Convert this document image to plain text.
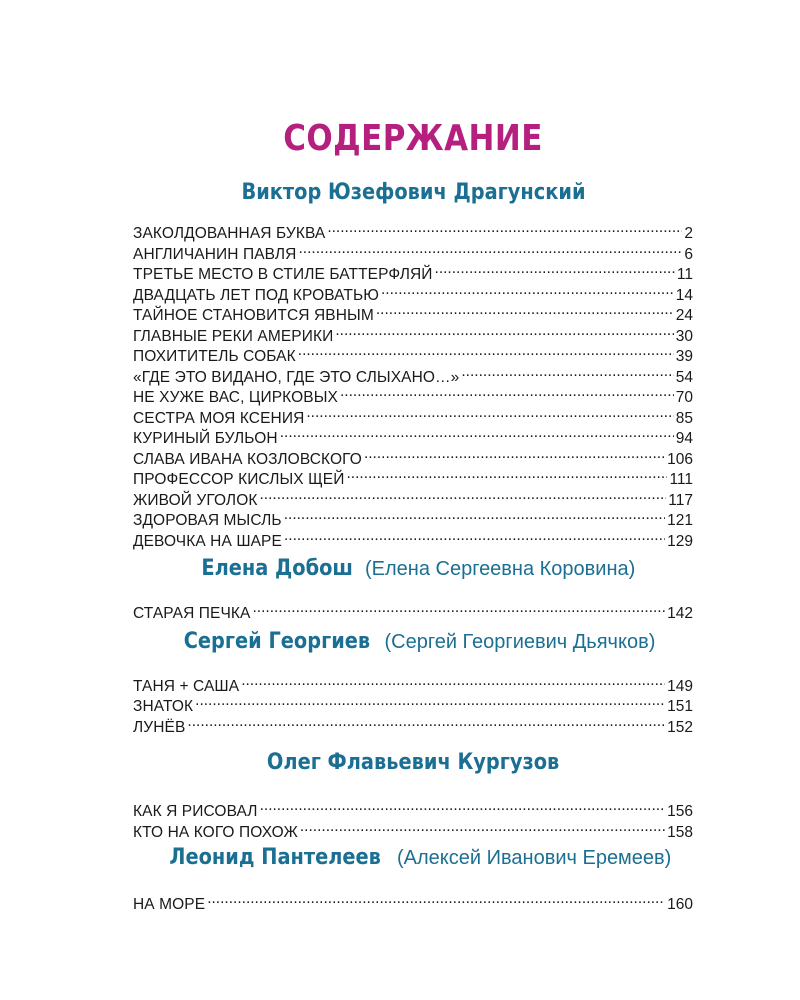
СОДЕРЖАНИЕ
Виктор Юзефович Драгунский
ЗАКОЛДОВАННАЯ БУКВА .....	2
АНГЛИЧАНИН ПАВЛЯ .....	6
ТРЕТЬЕ МЕСТО В СТИЛЕ БАТТЕРФЛЯЙ .....	11
ДВАДЦАТЬ ЛЕТ ПОД КРОВАТЬЮ .....	14
ТАЙНОЕ СТАНОВИТСЯ ЯВНЫМ .....	24
ГЛАВНЫЕ РЕКИ АМЕРИКИ .....	30
ПОХИТИТЕЛЬ СОБАК .....	39
«ГДЕ ЭТО ВИДАНО, ГДЕ ЭТО СЛЫХАНО…» .....	54
НЕ ХУЖЕ ВАС, ЦИРКОВЫХ .....	70
СЕСТРА МОЯ КСЕНИЯ .....	85
КУРИНЫЙ БУЛЬОН .....	94
СЛАВА ИВАНА КОЗЛОВСКОГО .....	106
ПРОФЕССОР КИСЛЫХ ЩЕЙ .....	111
ЖИВОЙ УГОЛОК .....	117
ЗДОРОВАЯ МЫСЛЬ .....	121
ДЕВОЧКА НА ШАРЕ .....	129
Елена Добош (Елена Сергеевна Коровина)
СТАРАЯ ПЕЧКА .....	142
Сергей Георгиев (Сергей Георгиевич Дьячков)
ТАНЯ + САША .....	149
ЗНАТОК .....	151
ЛУНЁВ .....	152
Олег Флавьевич Кургузов
КАК Я РИСОВАЛ .....	156
КТО НА КОГО ПОХОЖ .....	158
Леонид Пантелеев (Алексей Иванович Еремеев)
НА МОРЕ .....	160
